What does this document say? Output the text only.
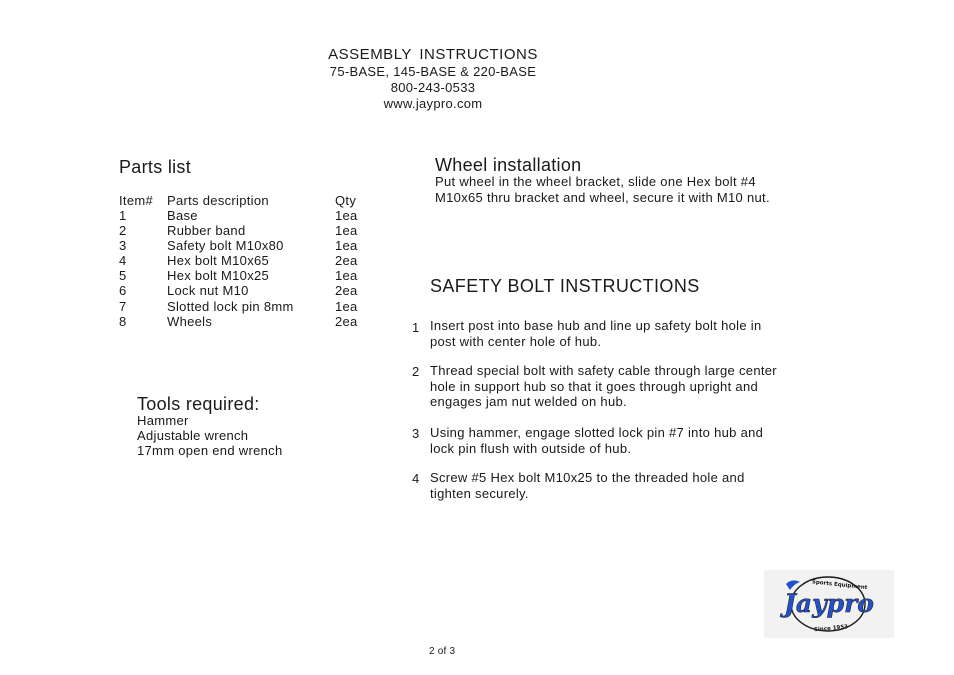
ASSEMBLY INSTRUCTIONS
75-BASE, 145-BASE & 220-BASE
800-243-0533
www.jaypro.com
Parts list
Item# Parts description	Qty
1	Base	1ea
2	Rubber band	1ea
3	Safety bolt M10x80	1ea
4	Hex bolt M10x65	2ea
5	Hex bolt M10x25	1ea
6	Lock nut M10	2ea
7	Slotted lock pin 8mm	1ea
8	Wheels	2ea
Tools required:
Hammer
Adjustable wrench
17mm open end wrench
Wheel installation
Put wheel in the wheel bracket, slide one Hex bolt #4
M10x65 thru bracket and wheel, secure it with M10 nut.
SAFETY BOLT INSTRUCTIONS
1 Insert post into base hub and line up safety bolt hole in
post with center hole of hub.
2 Thread special bolt with safety cable through large center
hole in support hub so that it goes through upright and
engages jam nut welded on hub.
3 Using hammer, engage slotted lock pin #7 into hub and
lock pin flush with outside of hub.
4 Screw #5 Hex bolt M10x25 to the threaded hole and
tighten securely.
Sports Equipment
Jaypro
Since 1953
2 of 3
